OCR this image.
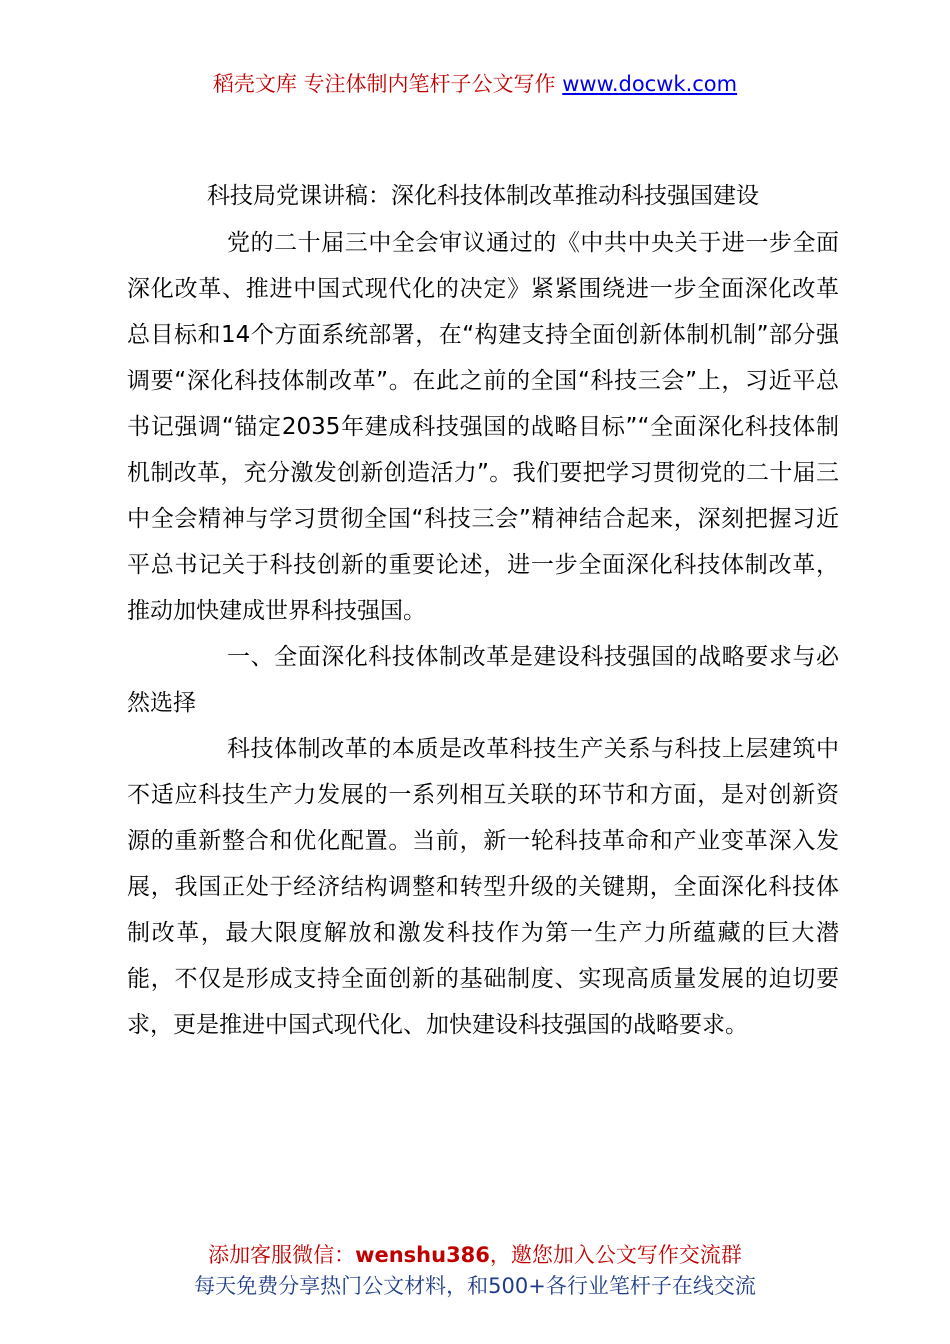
稻壳文库 专注体制内笔杆子公文写作 www.docwk.com
科技局党课讲稿：深化科技体制改革推动科技强国建设

党的二十届三中全会审议通过的《中共中央关于进一步全面深化改革、推进中国式现代化的决定》紧紧围绕进一步全面深化改革总目标和14个方面系统部署，在“构建支持全面创新体制机制”部分强调要“深化科技体制改革”。在此之前的全国“科技三会”上，习近平总书记强调“锚定2035年建成科技强国的战略目标”“全面深化科技体制机制改革，充分激发创新创造活力”。我们要把学习贯彻党的二十届三中全会精神与学习贯彻全国“科技三会”精神结合起来，深刻把握习近平总书记关于科技创新的重要论述，进一步全面深化科技体制改革，推动加快建成世界科技强国。

一、全面深化科技体制改革是建设科技强国的战略要求与必然选择

科技体制改革的本质是改革科技生产关系与科技上层建筑中不适应科技生产力发展的一系列相互关联的环节和方面，是对创新资源的重新整合和优化配置。当前，新一轮科技革命和产业变革深入发展，我国正处于经济结构调整和转型升级的关键期，全面深化科技体制改革，最大限度解放和激发科技作为第一生产力所蕴藏的巨大潜能，不仅是形成支持全面创新的基础制度、实现高质量发展的迫切要求，更是推进中国式现代化、加快建设科技强国的战略要求。

添加客服微信：wenshu386，邀您加入公文写作交流群
每天免费分享热门公文材料，和500+各行业笔杆子在线交流
